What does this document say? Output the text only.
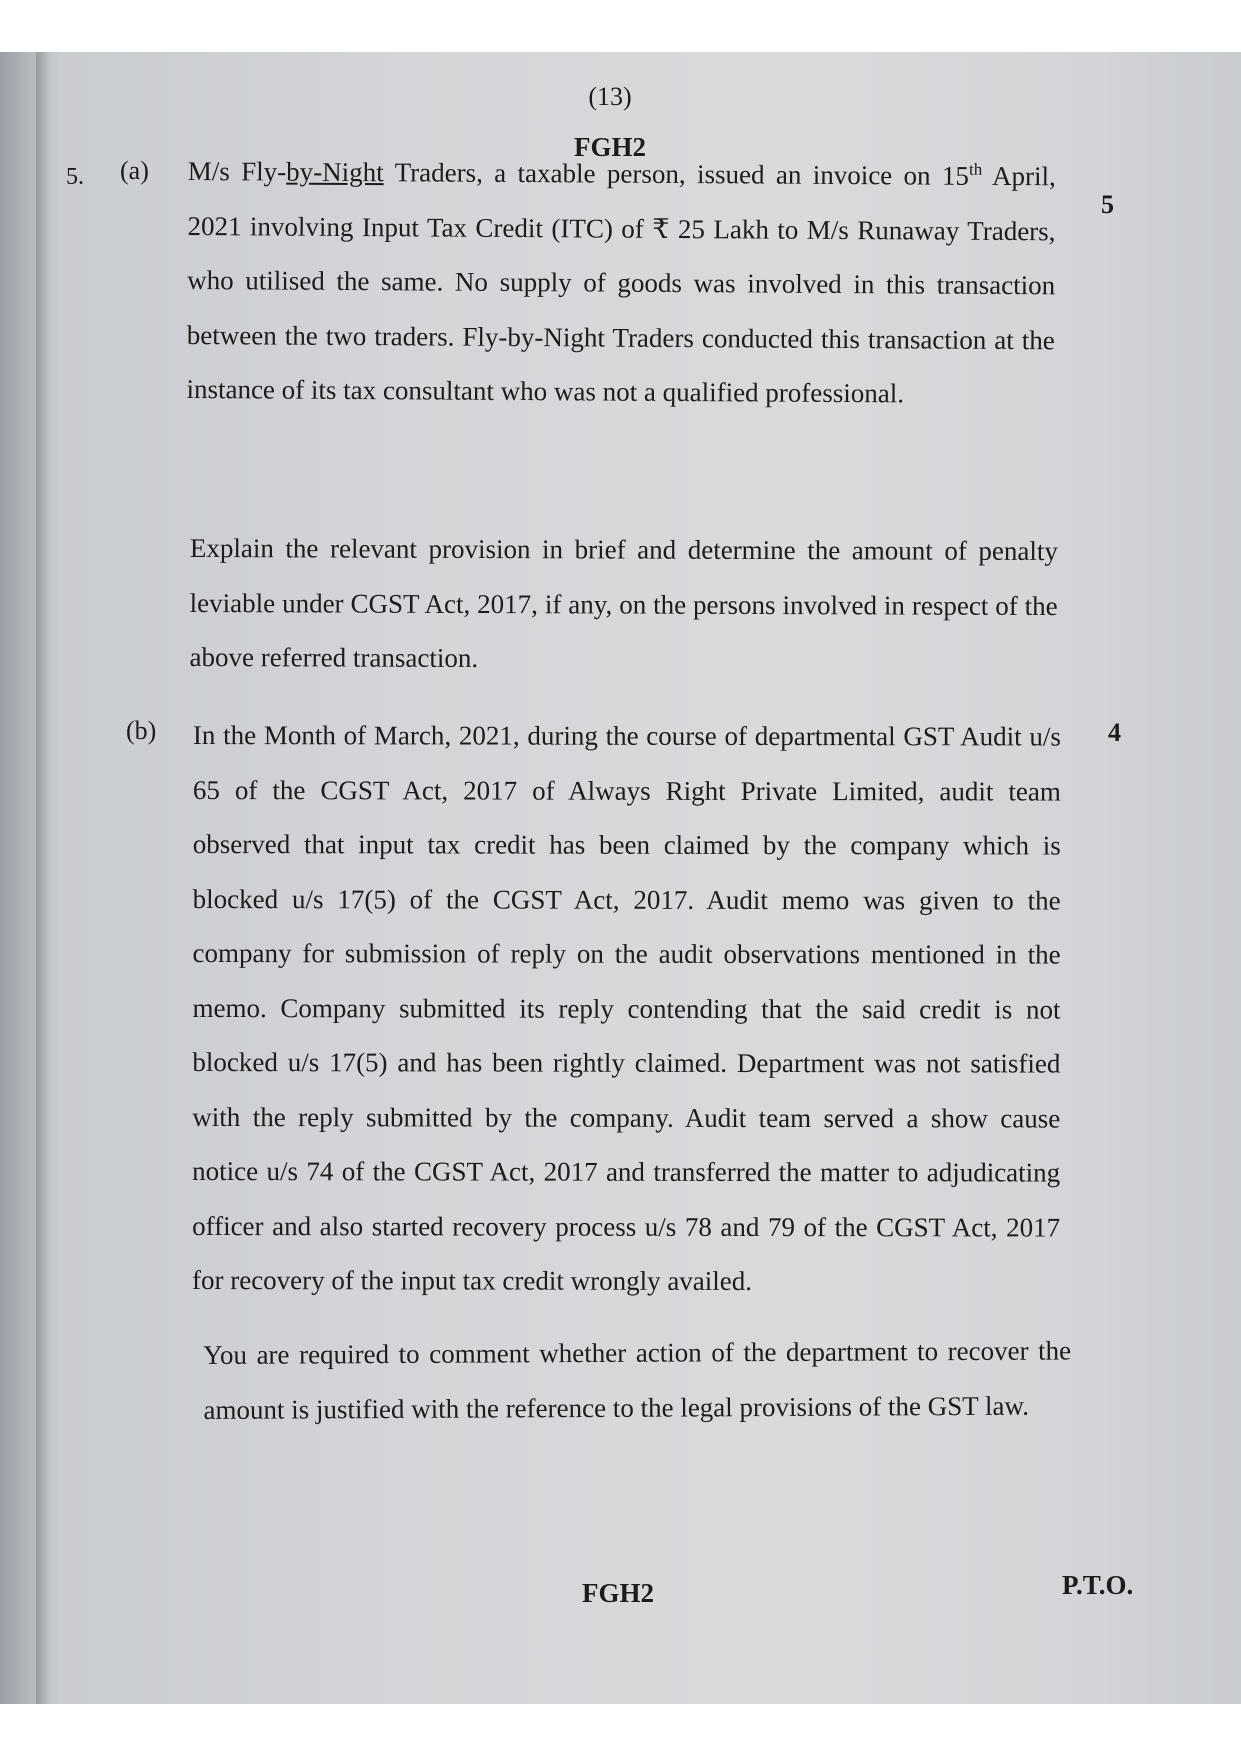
(13)
FGH2
5. (a)
5

M/s Fly-by-Night Traders, a taxable person, issued an invoice on 15th April, 2021 involving Input Tax Credit (ITC) of ₹ 25 Lakh to M/s Runaway Traders, who utilised the same. No supply of goods was involved in this transaction between the two traders. Fly-by-Night Traders conducted this transaction at the instance of its tax consultant who was not a qualified professional.

Explain the relevant provision in brief and determine the amount of penalty leviable under CGST Act, 2017, if any, on the persons involved in respect of the above referred transaction.

(b)	4

In the Month of March, 2021, during the course of departmental GST Audit u/s 65 of the CGST Act, 2017 of Always Right Private Limited, audit team observed that input tax credit has been claimed by the company which is blocked u/s 17(5) of the CGST Act, 2017. Audit memo was given to the company for submission of reply on the audit observations mentioned in the memo. Company submitted its reply contending that the said credit is not blocked u/s 17(5) and has been rightly claimed. Department was not satisfied with the reply submitted by the company. Audit team served a show cause notice u/s 74 of the CGST Act, 2017 and transferred the matter to adjudicating officer and also started recovery process u/s 78 and 79 of the CGST Act, 2017 for recovery of the input tax credit wrongly availed.

You are required to comment whether action of the department to recover the amount is justified with the reference to the legal provisions of the GST law.

FGH2	P.T.O.
